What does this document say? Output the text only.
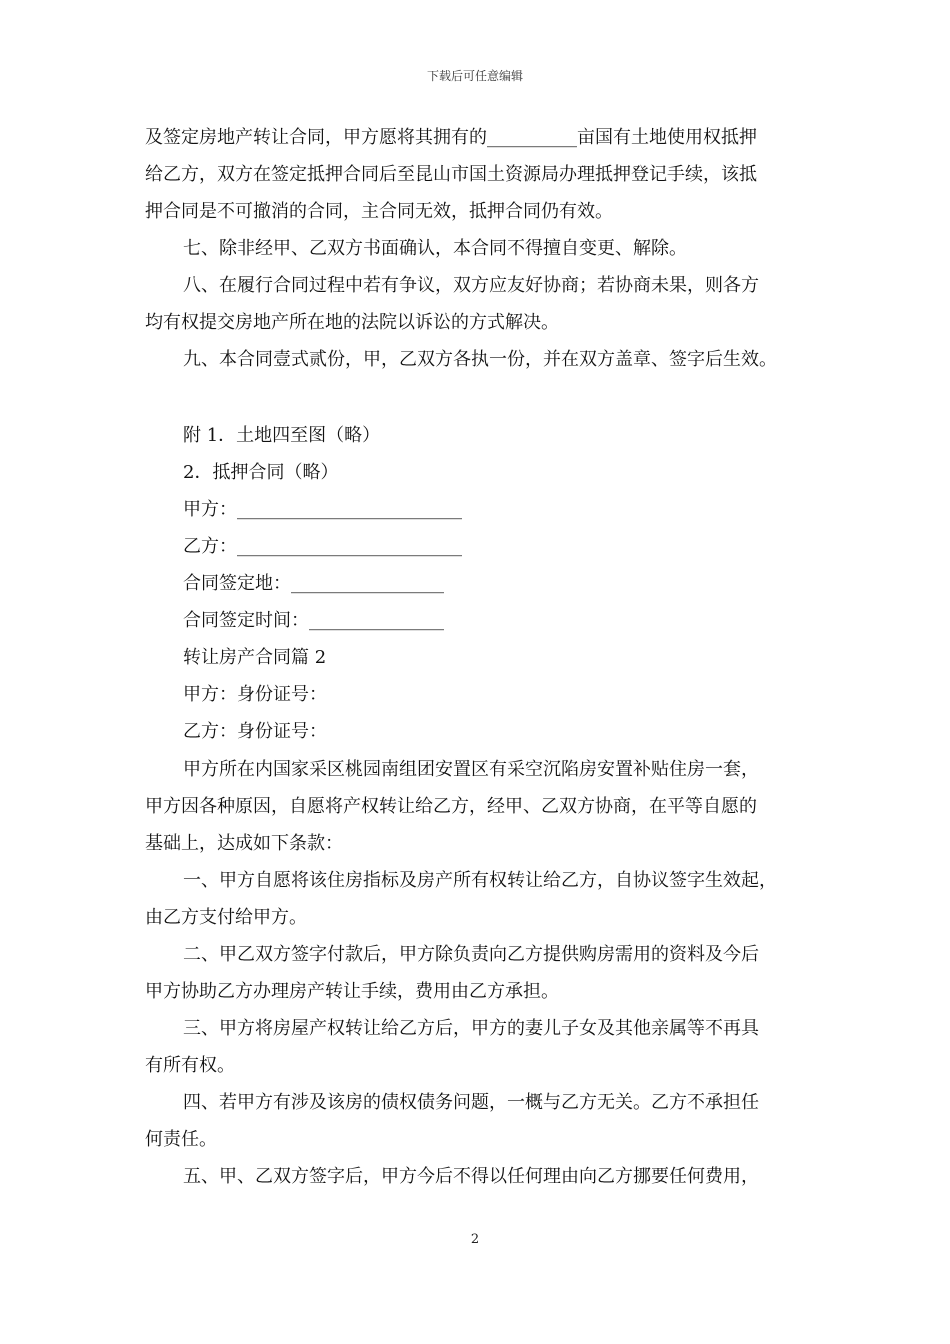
下载后可任意编辑
及签定房地产转让合同，甲方愿将其拥有的__________亩国有土地使用权抵押
给乙方，双方在签定抵押合同后至昆山市国土资源局办理抵押登记手续，该抵
押合同是不可撤消的合同，主合同无效，抵押合同仍有效。
七、除非经甲、乙双方书面确认，本合同不得擅自变更、解除。
八、在履行合同过程中若有争议，双方应友好协商；若协商未果，则各方
均有权提交房地产所在地的法院以诉讼的方式解决。
九、本合同壹式贰份，甲，乙双方各执一份，并在双方盖章、签字后生效。
附 1．土地四至图（略）
2．抵押合同（略）
甲方：_________________________
乙方：_________________________
合同签定地：_________________
合同签定时间：_______________
转让房产合同篇 2
甲方：身份证号：
乙方：身份证号：
甲方所在内国家采区桃园南组团安置区有采空沉陷房安置补贴住房一套，
甲方因各种原因，自愿将产权转让给乙方，经甲、乙双方协商，在平等自愿的
基础上，达成如下条款：
一、甲方自愿将该住房指标及房产所有权转让给乙方，自协议签字生效起，
由乙方支付给甲方。
二、甲乙双方签字付款后，甲方除负责向乙方提供购房需用的资料及今后
甲方协助乙方办理房产转让手续，费用由乙方承担。
三、甲方将房屋产权转让给乙方后，甲方的妻儿子女及其他亲属等不再具
有所有权。
四、若甲方有涉及该房的债权债务问题，一概与乙方无关。乙方不承担任
何责任。
五、甲、乙双方签字后，甲方今后不得以任何理由向乙方挪要任何费用，
2
